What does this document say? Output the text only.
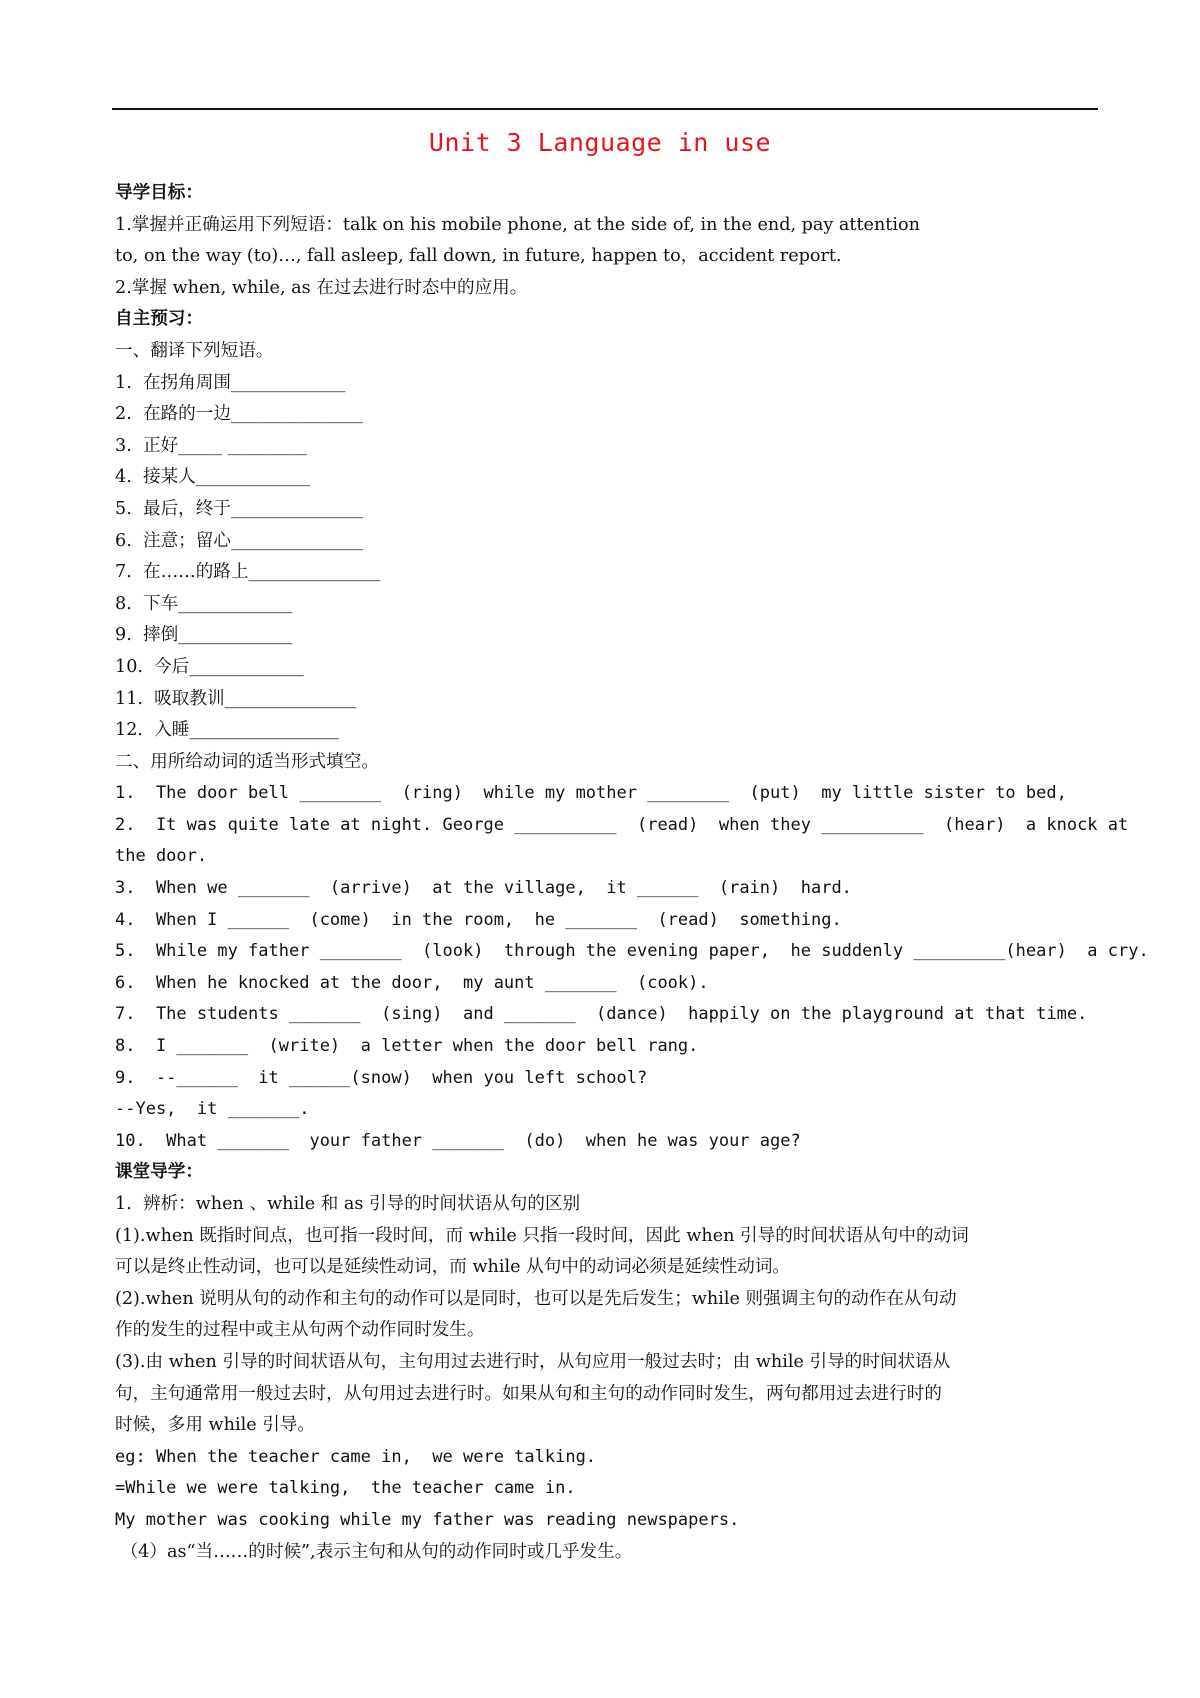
Unit 3 Language in use
导学目标：
1.掌握并正确运用下列短语：talk on his mobile phone, at the side of, in the end, pay attention
to, on the way (to)…, fall asleep, fall down, in future, happen to，accident report.
2.掌握 when, while, as 在过去进行时态中的应用。
自主预习：
一、翻译下列短语。
1.  在拐角周围_____________
2.  在路的一边_______________
3.  正好_____ _________
4.  接某人_____________
5.  最后，终于_______________
6.  注意；留心_______________
7.  在……的路上_______________
8.  下车_____________
9.  摔倒_____________
10.  今后_____________
11.  吸取教训_______________
12.  入睡_________________
二、用所给动词的适当形式填空。
1.  The door bell ________  (ring)  while my mother ________  (put)  my little sister to bed,
2.  It was quite late at night. George __________  (read)  when they __________  (hear)  a knock at
the door.
3.  When we _______  (arrive)  at the village,  it ______  (rain)  hard.
4.  When I ______  (come)  in the room,  he _______  (read)  something.
5.  While my father ________  (look)  through the evening paper,  he suddenly _________(hear)  a cry.
6.  When he knocked at the door,  my aunt _______  (cook).
7.  The students _______  (sing)  and _______  (dance)  happily on the playground at that time.
8.  I _______  (write)  a letter when the door bell rang.
9.  --______  it ______(snow)  when you left school?
--Yes,  it _______.
10.  What _______  your father _______  (do)  when he was your age?
课堂导学：
1.  辨析：when 、while 和 as 引导的时间状语从句的区别
(1).when 既指时间点，也可指一段时间，而 while 只指一段时间，因此 when 引导的时间状语从句中的动词
可以是终止性动词，也可以是延续性动词，而 while 从句中的动词必须是延续性动词。
(2).when 说明从句的动作和主句的动作可以是同时，也可以是先后发生；while 则强调主句的动作在从句动
作的发生的过程中或主从句两个动作同时发生。
(3).由 when 引导的时间状语从句，主句用过去进行时，从句应用一般过去时；由 while 引导的时间状语从
句，主句通常用一般过去时，从句用过去进行时。如果从句和主句的动作同时发生，两句都用过去进行时的
时候，多用 while 引导。
eg: When the teacher came in,  we were talking.
=While we were talking,  the teacher came in.
My mother was cooking while my father was reading newspapers.
（4）as“当……的时候”,表示主句和从句的动作同时或几乎发生。
